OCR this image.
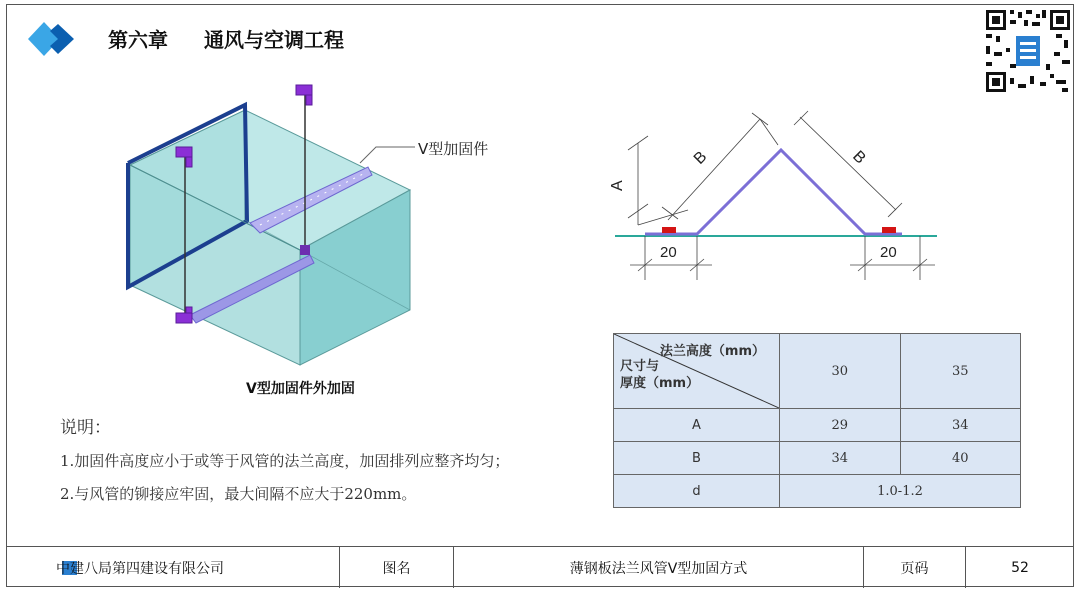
第六章 通风与空调工程
V型加固件
V型加固件外加固
说明：
1.加固件高度应小于或等于风管的法兰高度，加固排列应整齐均匀；
2.与风管的铆接应牢固，最大间隔不应大于220mm。
A
B	B
20	20
法兰高度（mm）
尺寸与
厚度（mm）	30	35
A	29	34
B	34	40
d	1.0-1.2	
中建八局第四建设有限公司	图名	薄钢板法兰风管V型加固方式	页码	52
